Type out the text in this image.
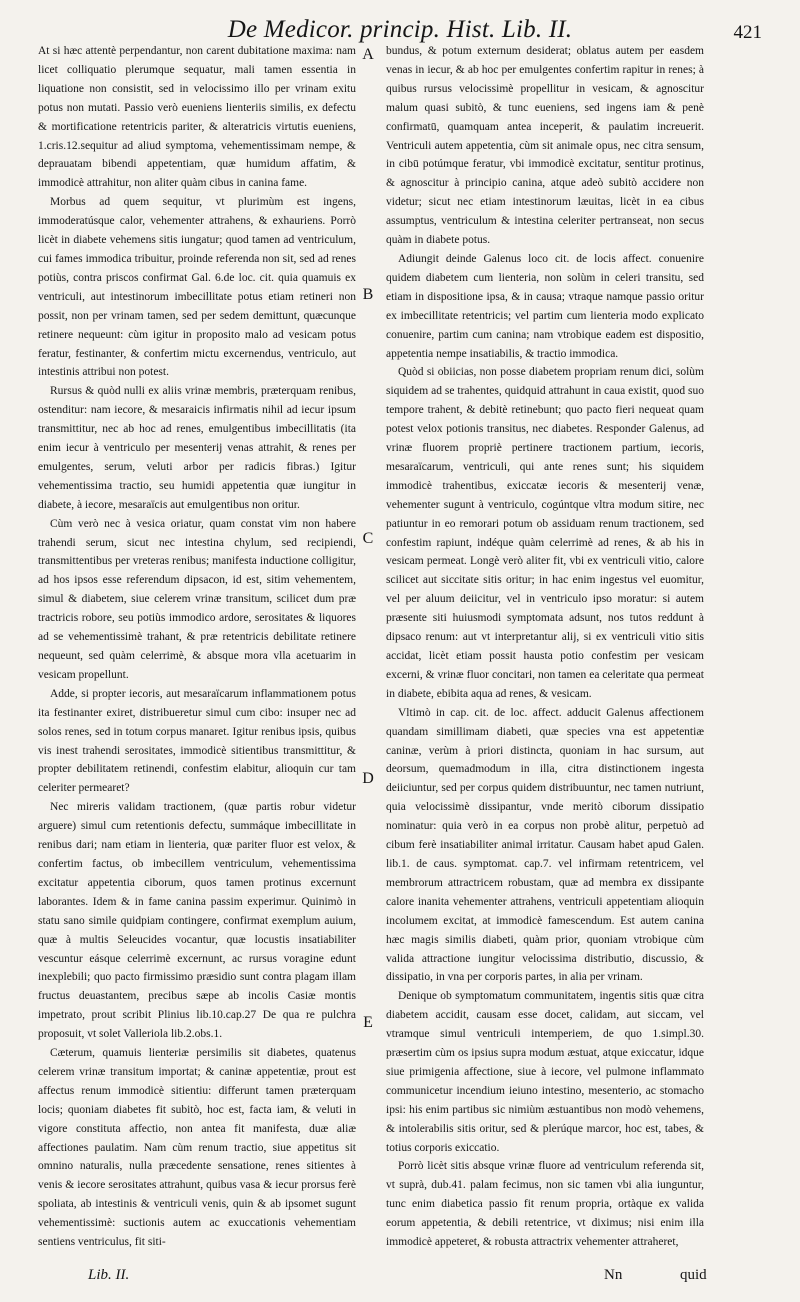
De Medicor. princip. Hist. Lib. II.	421

At si hæc attentè perpendantur, non carent dubitatione maxima: nam licet colliquatio plerumque sequatur, mali tamen essentia in liquatione non consistit, sed in velocissimo illo per vrinam exitu potus non mutati. Passio verò eueniens lienteriis similis, ex defectu & mortificatione retentricis pariter, & alteratricis virtutis eueniens, 1.cris.12.sequitur ad aliud symptoma, vehementissimam nempe, & deprauatam bibendi appetentiam, quæ humidum affatim, & immodicè attrahitur, non aliter quàm cibus in canina fame.

Morbus ad quem sequitur, vt plurimùm est ingens, immoderatúsque calor, vehementer attrahens, & exhauriens. Porrò licèt in diabete vehemens sitis iungatur; quod tamen ad ventriculum, cui fames immodica tribuitur, proinde referenda non sit, sed ad renes potiùs, contra priscos confirmat Gal. 6.de loc. cit. quia quamuis ex ventriculi, aut intestinorum imbecillitate potus etiam retineri non possit, non per vrinam tamen, sed per sedem demittunt, quæcunque retinere nequeunt: cùm igitur in proposito malo ad vesicam potus feratur, festinanter, & confertim mictu excernendus, ventriculo, aut intestinis attribui non potest.

Rursus & quòd nulli ex aliis vrinæ membris, præterquam renibus, ostenditur: nam iecore, & mesaraicis infirmatis nihil ad iecur ipsum transmittitur, nec ab hoc ad renes, emulgentibus imbecillitatis (ita enim iecur à ventriculo per mesenterij venas attrahit, & renes per emulgentes, serum, veluti arbor per radicis fibras.) Igitur vehementissima tractio, seu humidi appetentia quæ iungitur in diabete, à iecore, mesaraïcis aut emulgentibus non oritur.

Cùm verò nec à vesica oriatur, quam constat vim non habere trahendi serum, sicut nec intestina chylum, sed recipiendi, transmittentibus per vreteras renibus; manifesta inductione colligitur, ad hos ipsos esse referendum dipsacon, id est, sitim vehementem, simul & diabetem, siue celerem vrinæ transitum, scilicet dum præ tractricis robore, seu potiùs immodico ardore, serositates & liquores ad se vehementissimè trahant, & præ retentricis debilitate retinere nequeunt, sed quàm celerrimè, & absque mora vlla acetuarim in vesicam propellunt.

Adde, si propter iecoris, aut mesaraïcarum inflammationem potus ita festinanter exiret, distribueretur simul cum cibo: insuper nec ad solos renes, sed in totum corpus manaret. Igitur renibus ipsis, quibus vis inest trahendi serositates, immodicè sitientibus transmittitur, & propter debilitatem retinendi, confestim elabitur, alioquin cur tam celeriter permearet?

Nec mireris validam tractionem, (quæ partis robur videtur arguere) simul cum retentionis defectu, summáque imbecillitate in renibus dari; nam etiam in lienteria, quæ pariter fluor est velox, & confertim factus, ob imbecillem ventriculum, vehementissima excitatur appetentia ciborum, quos tamen protinus excernunt laborantes. Idem & in fame canina passim experimur. Quinimò in statu sano simile quidpiam contingere, confirmat exemplum auium, quæ à multis Seleucides vocantur, quæ locustis insatiabiliter vescuntur eásque celerrimè excernunt, ac rursus voragine edunt inexplebili; quo pacto firmissimo præsidio sunt contra plagam illam fructus deuastantem, precibus sæpe ab incolis Casiæ montis impetrato, prout scribit Plinius lib.10.cap.27 De qua re pulchra proposuit, vt solet Valleriola lib.2.obs.1.

Cæterum, quamuis lienteriæ persimilis sit diabetes, quatenus celerem vrinæ transitum importat; & caninæ appetentiæ, prout est affectus renum immodicè sitientiu: differunt tamen præterquam locis; quoniam diabetes fit subitò, hoc est, facta iam, & veluti in vigore constituta affectio, non antea fit manifesta, duæ aliæ affectiones paulatim. Nam cùm renum tractio, siue appetitus sit omnino naturalis, nulla præcedente sensatione, renes sitientes à venis & iecore serositates attrahunt, quibus vasa & iecur prorsus ferè spoliata, ab intestinis & ventriculi venis, quin & ab ipsomet sugunt vehementissimè: suctionis autem ac exuccationis vehementiam sentiens ventriculus, fit siti-

A
B
C
D
E

bundus, & potum externum desiderat; oblatus autem per easdem venas in iecur, & ab hoc per emulgentes confertim rapitur in renes; à quibus rursus velocissimè propellitur in vesicam, & agnoscitur malum quasi subitò, & tunc eueniens, sed ingens iam & penè confirmatū, quamquam antea inceperit, & paulatim increuerit. Ventriculi autem appetentia, cùm sit animale opus, nec citra sensum, in cibū potúmque feratur, vbi immodicè excitatur, sentitur protinus, & agnoscitur à principio canina, atque adeò subitò accidere non videtur; sicut nec etiam intestinorum læuitas, licèt in ea cibus assumptus, ventriculum & intestina celeriter pertranseat, non secus quàm in diabete potus.

Adiungit deinde Galenus loco cit. de locis affect. conuenire quidem diabetem cum lienteria, non solùm in celeri transitu, sed etiam in dispositione ipsa, & in causa; vtraque namque passio oritur ex imbecillitate retentricis; vel partim cum lienteria modo explicato conuenire, partim cum canina; nam vtrobique eadem est dispositio, appetentia nempe insatiabilis, & tractio immodica.

Quòd si obiicias, non posse diabetem propriam renum dici, solùm siquidem ad se trahentes, quidquid attrahunt in caua existit, quod suo tempore trahent, & debitè retinebunt; quo pacto fieri nequeat quam potest velox potionis transitus, nec diabetes. Responder Galenus, ad vrinæ fluorem propriè pertinere tractionem partium, iecoris, mesaraïcarum, ventriculi, qui ante renes sunt; his siquidem immodicè trahentibus, exiccatæ iecoris & mesenterij venæ, vehementer sugunt à ventriculo, cogúntque vltra modum sitire, nec patiuntur in eo remorari potum ob assiduam renum tractionem, sed confestim rapiunt, indéque quàm celerrimè ad renes, & ab his in vesicam permeat. Longè verò aliter fit, vbi ex ventriculi vitio, calore scilicet aut siccitate sitis oritur; in hac enim ingestus vel euomitur, vel per aluum deiicitur, vel in ventriculo ipso moratur: si autem præsente siti huiusmodi symptomata adsunt, nos tutos reddunt à dipsaco renum: aut vt interpretantur alij, si ex ventriculi vitio sitis accidat, licèt etiam possit hausta potio confestim per vesicam excerni, & vrinæ fluor concitari, non tamen ea celeritate qua permeat in diabete, ebibita aqua ad renes, & vesicam.

Vltimò in cap. cit. de loc. affect. adducit Galenus affectionem quandam simillimam diabeti, quæ species vna est appetentiæ caninæ, verùm à priori distincta, quoniam in hac sursum, aut deorsum, quemadmodum in illa, citra distinctionem ingesta deiiciuntur, sed per corpus quidem distribuuntur, nec tamen nutriunt, quia velocissimè dissipantur, vnde meritò ciborum dissipatio nominatur: quia verò in ea corpus non probè alitur, perpetuò ad cibum ferè insatiabiliter animal irritatur. Causam habet apud Galen. lib.1. de caus. symptomat. cap.7. vel infirmam retentricem, vel membrorum attractricem robustam, quæ ad membra ex dissipante calore inanita vehementer attrahens, ventriculi appetentiam alioquin incolumem excitat, at immodicè famescendum. Est autem canina hæc magis similis diabeti, quàm prior, quoniam vtrobique cùm valida attractione iungitur velocissima distributio, discussio, & dissipatio, in vna per corporis partes, in alia per vrinam.

Denique ob symptomatum communitatem, ingentis sitis quæ citra diabetem accidit, causam esse docet, calidam, aut siccam, vel vtramque simul ventriculi intemperiem, de quo 1.simpl.30. præsertim cùm os ipsius supra modum æstuat, atque exiccatur, idque siue primigenia affectione, siue à iecore, vel pulmone inflammato communicetur incendium ieiuno intestino, mesenterio, ac stomacho ipsi: his enim partibus sic nimiùm æstuantibus non modò vehemens, & intolerabilis sitis oritur, sed & plerúque marcor, hoc est, tabes, & totius corporis exiccatio.

Porrò licèt sitis absque vrinæ fluore ad ventriculum referenda sit, vt suprà, dub.41. palam fecimus, non sic tamen vbi alia iunguntur, tunc enim diabetica passio fit renum propria, ortàque ex valida eorum appetentia, & debili retentrice, vt diximus; nisi enim illa immodicè appeteret, & robusta attractrix vehementer attraheret,

Lib. II.	Nn	quid
